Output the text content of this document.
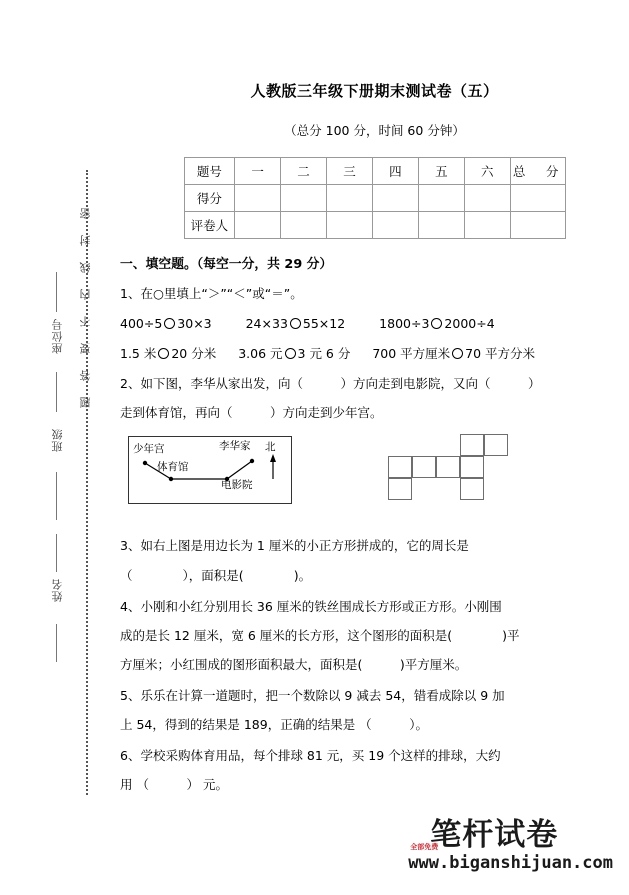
题答要不内线封密
座位号
班级
姓名
人教版三年级下册期末测试卷（五）
（总分 100 分，时间 60 分钟）
题号	一	二	三	四	五	六	总　分
得分							
评卷人							
一、填空题。（每空一分，共 29 分）
1、在○里填上“＞”“＜”或“＝”。
400÷5 30×3	24×33 55×12	1800÷3 2000÷4
1.5 米 20 分米 3.06 元 3 元 6 分 700 平方厘米 70 平方分米
2、如下图，李华从家出发，向（　　　	）方向走到电影院，又向（　　　	）
走到体育馆，再向（　　　	）方向走到少年宫。
少年宫
体育馆
李华家
电影院
北
3、如右上图是用边长为 1 厘米的小正方形拼成的，它的周长是
（　　　　	），面积是(　　　　	)。
4、小刚和小红分别用长 36 厘米的铁丝围成长方形或正方形。小刚围
成的是长 12 厘米，宽 6 厘米的长方形，这个图形的面积是(　　　　	)平
方厘米；小红围成的图形面积最大，面积是(　　　	)平方厘米。
5、乐乐在计算一道题时，把一个数除以 9 减去 54，错看成除以 9 加
上 54，得到的结果是 189，正确的结果是 （　　　	）。
6、学校采购体育用品，每个排球 81 元，买 19 个这样的排球，大约
用 （　　　	） 元。
笔杆试卷
www.biganshijuan.com
全部免费
